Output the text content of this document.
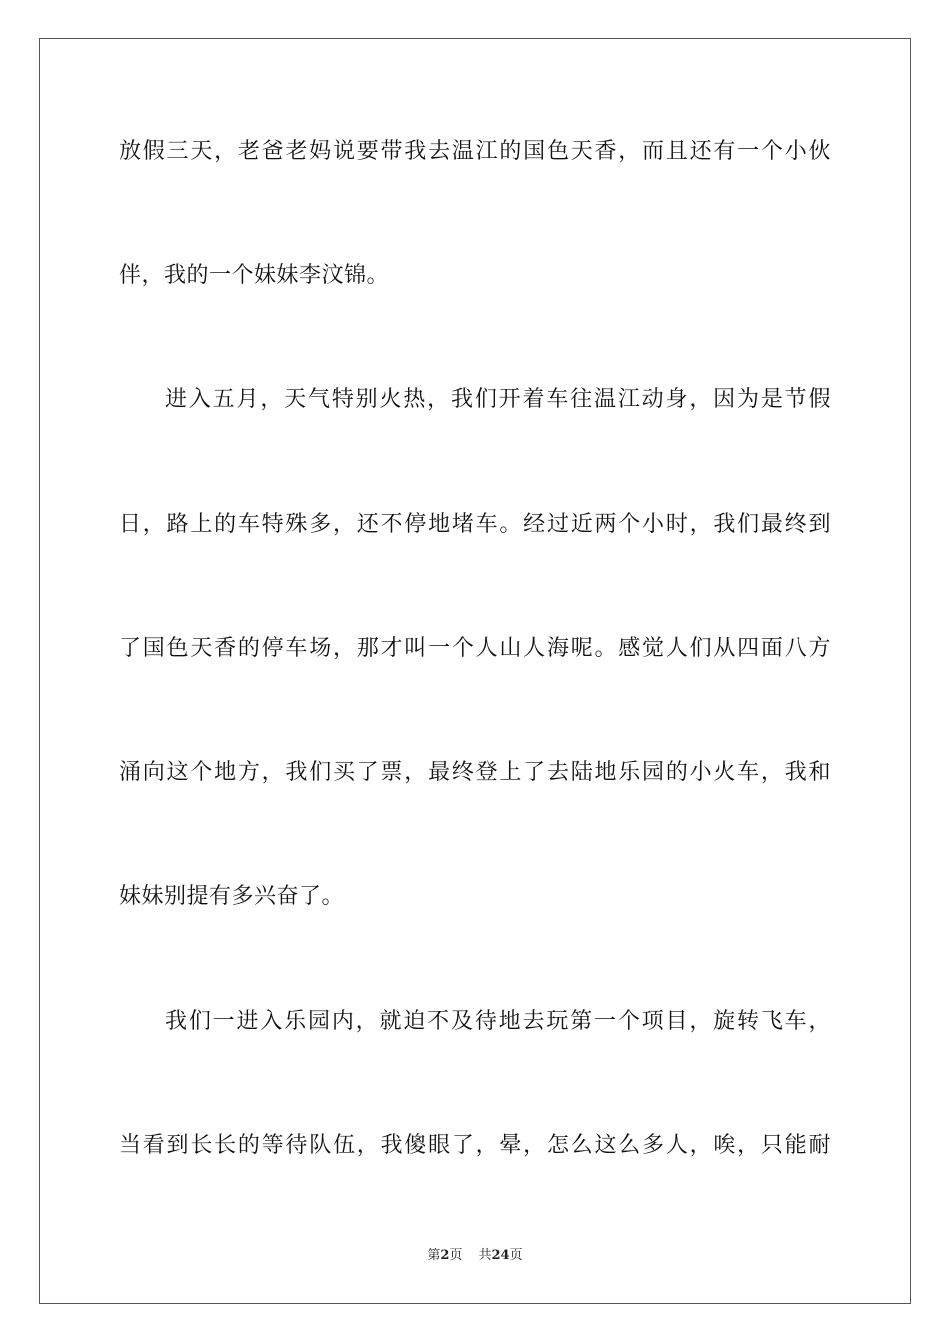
放假三天，老爸老妈说要带我去温江的国色天香，而且还有一个小伙
伴，我的一个妹妹李汶锦。
进入五月，天气特别火热，我们开着车往温江动身，因为是节假
日，路上的车特殊多，还不停地堵车。经过近两个小时，我们最终到
了国色天香的停车场，那才叫一个人山人海呢。感觉人们从四面八方
涌向这个地方，我们买了票，最终登上了去陆地乐园的小火车，我和
妹妹别提有多兴奋了。
我们一进入乐园内，就迫不及待地去玩第一个项目，旋转飞车，
当看到长长的等待队伍，我傻眼了，晕，怎么这么多人，唉，只能耐
第2页 共24页
